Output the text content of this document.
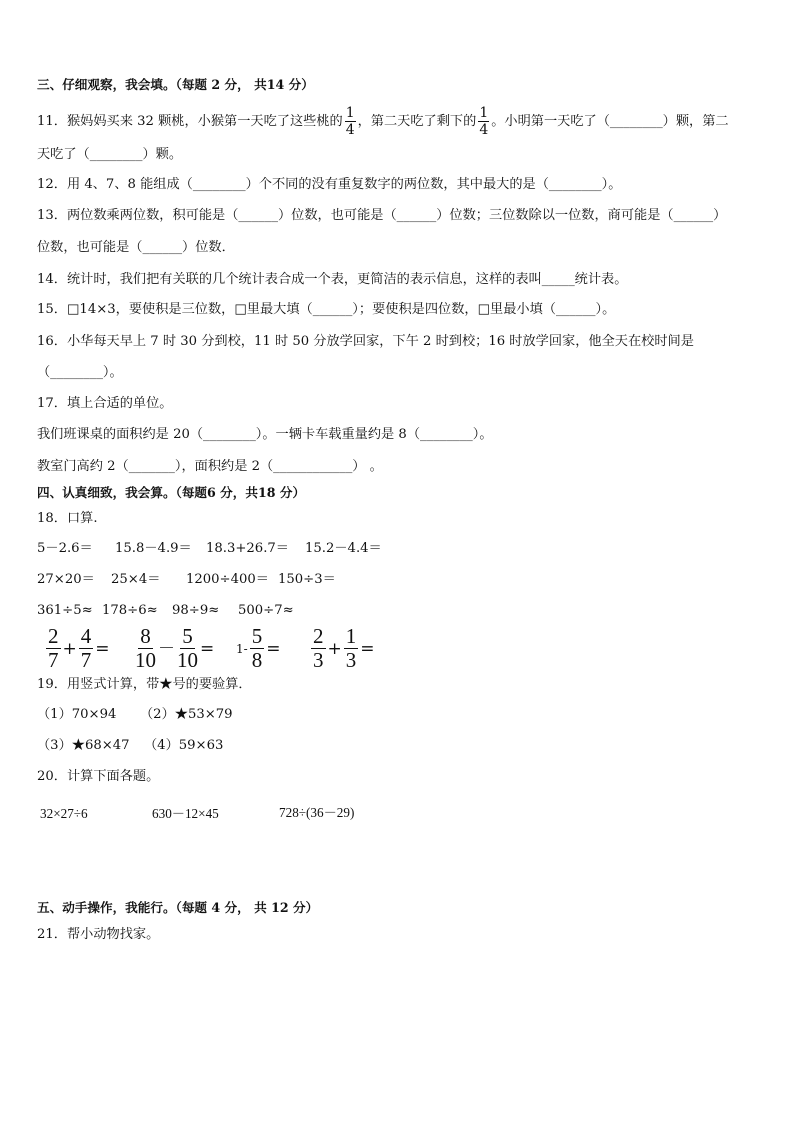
三、仔细观察，我会填。（每题 2 分， 共14 分）
11．猴妈妈买来 32 颗桃，小猴第一天吃了这些桃的 $\frac{1}{4}$ ，第二天吃了剩下的 $\frac{1}{4}$ 。小明第一天吃了（________）颗，第二
天吃了（________）颗。
12．用 4、7、8 能组成（________）个不同的没有重复数字的两位数，其中最大的是（________）。
13．两位数乘两位数，积可能是（______）位数，也可能是（______）位数；三位数除以一位数，商可能是（______）
位数，也可能是（______）位数．
14．统计时，我们把有关联的几个统计表合成一个表，更简洁的表示信息，这样的表叫_____统计表。
15．□14×3，要使积是三位数，□里最大填（______）；要使积是四位数，□里最小填（______）。
16．小华每天早上 7 时 30 分到校，11 时 50 分放学回家，下午 2 时到校；16 时放学回家，他全天在校时间是
（________）。
17．填上合适的单位。
我们班课桌的面积约是 20（________）。一辆卡车载重量约是 8（________）。
教室门高约 2（_______），面积约是 2（____________） 。
四、认真细致，我会算。（每题6 分，共18 分）
18．口算.
5－2.6＝ 15.8－4.9＝ 18.3+26.7＝ 15.2－4.4＝
27×20＝ 25×4＝ 1200÷400＝ 150÷3＝
361÷5≈ 178÷6≈ 98÷9≈ 500÷7≈
$\frac{2}{7} + \frac{4}{7} = \frac{8}{10} - \frac{5}{10} = 1- \frac{5}{8} = \frac{2}{3} + \frac{1}{3}$ =
19．用竖式计算，带★号的要验算．
（1）70×94 （2）★53×79
（3）★68×47 （4）59×63
20．计算下面各题。
32×27÷6	630－12×45	728÷(36－29)
五、动手操作，我能行。（每题 4 分， 共 12 分）
21．帮小动物找家。
